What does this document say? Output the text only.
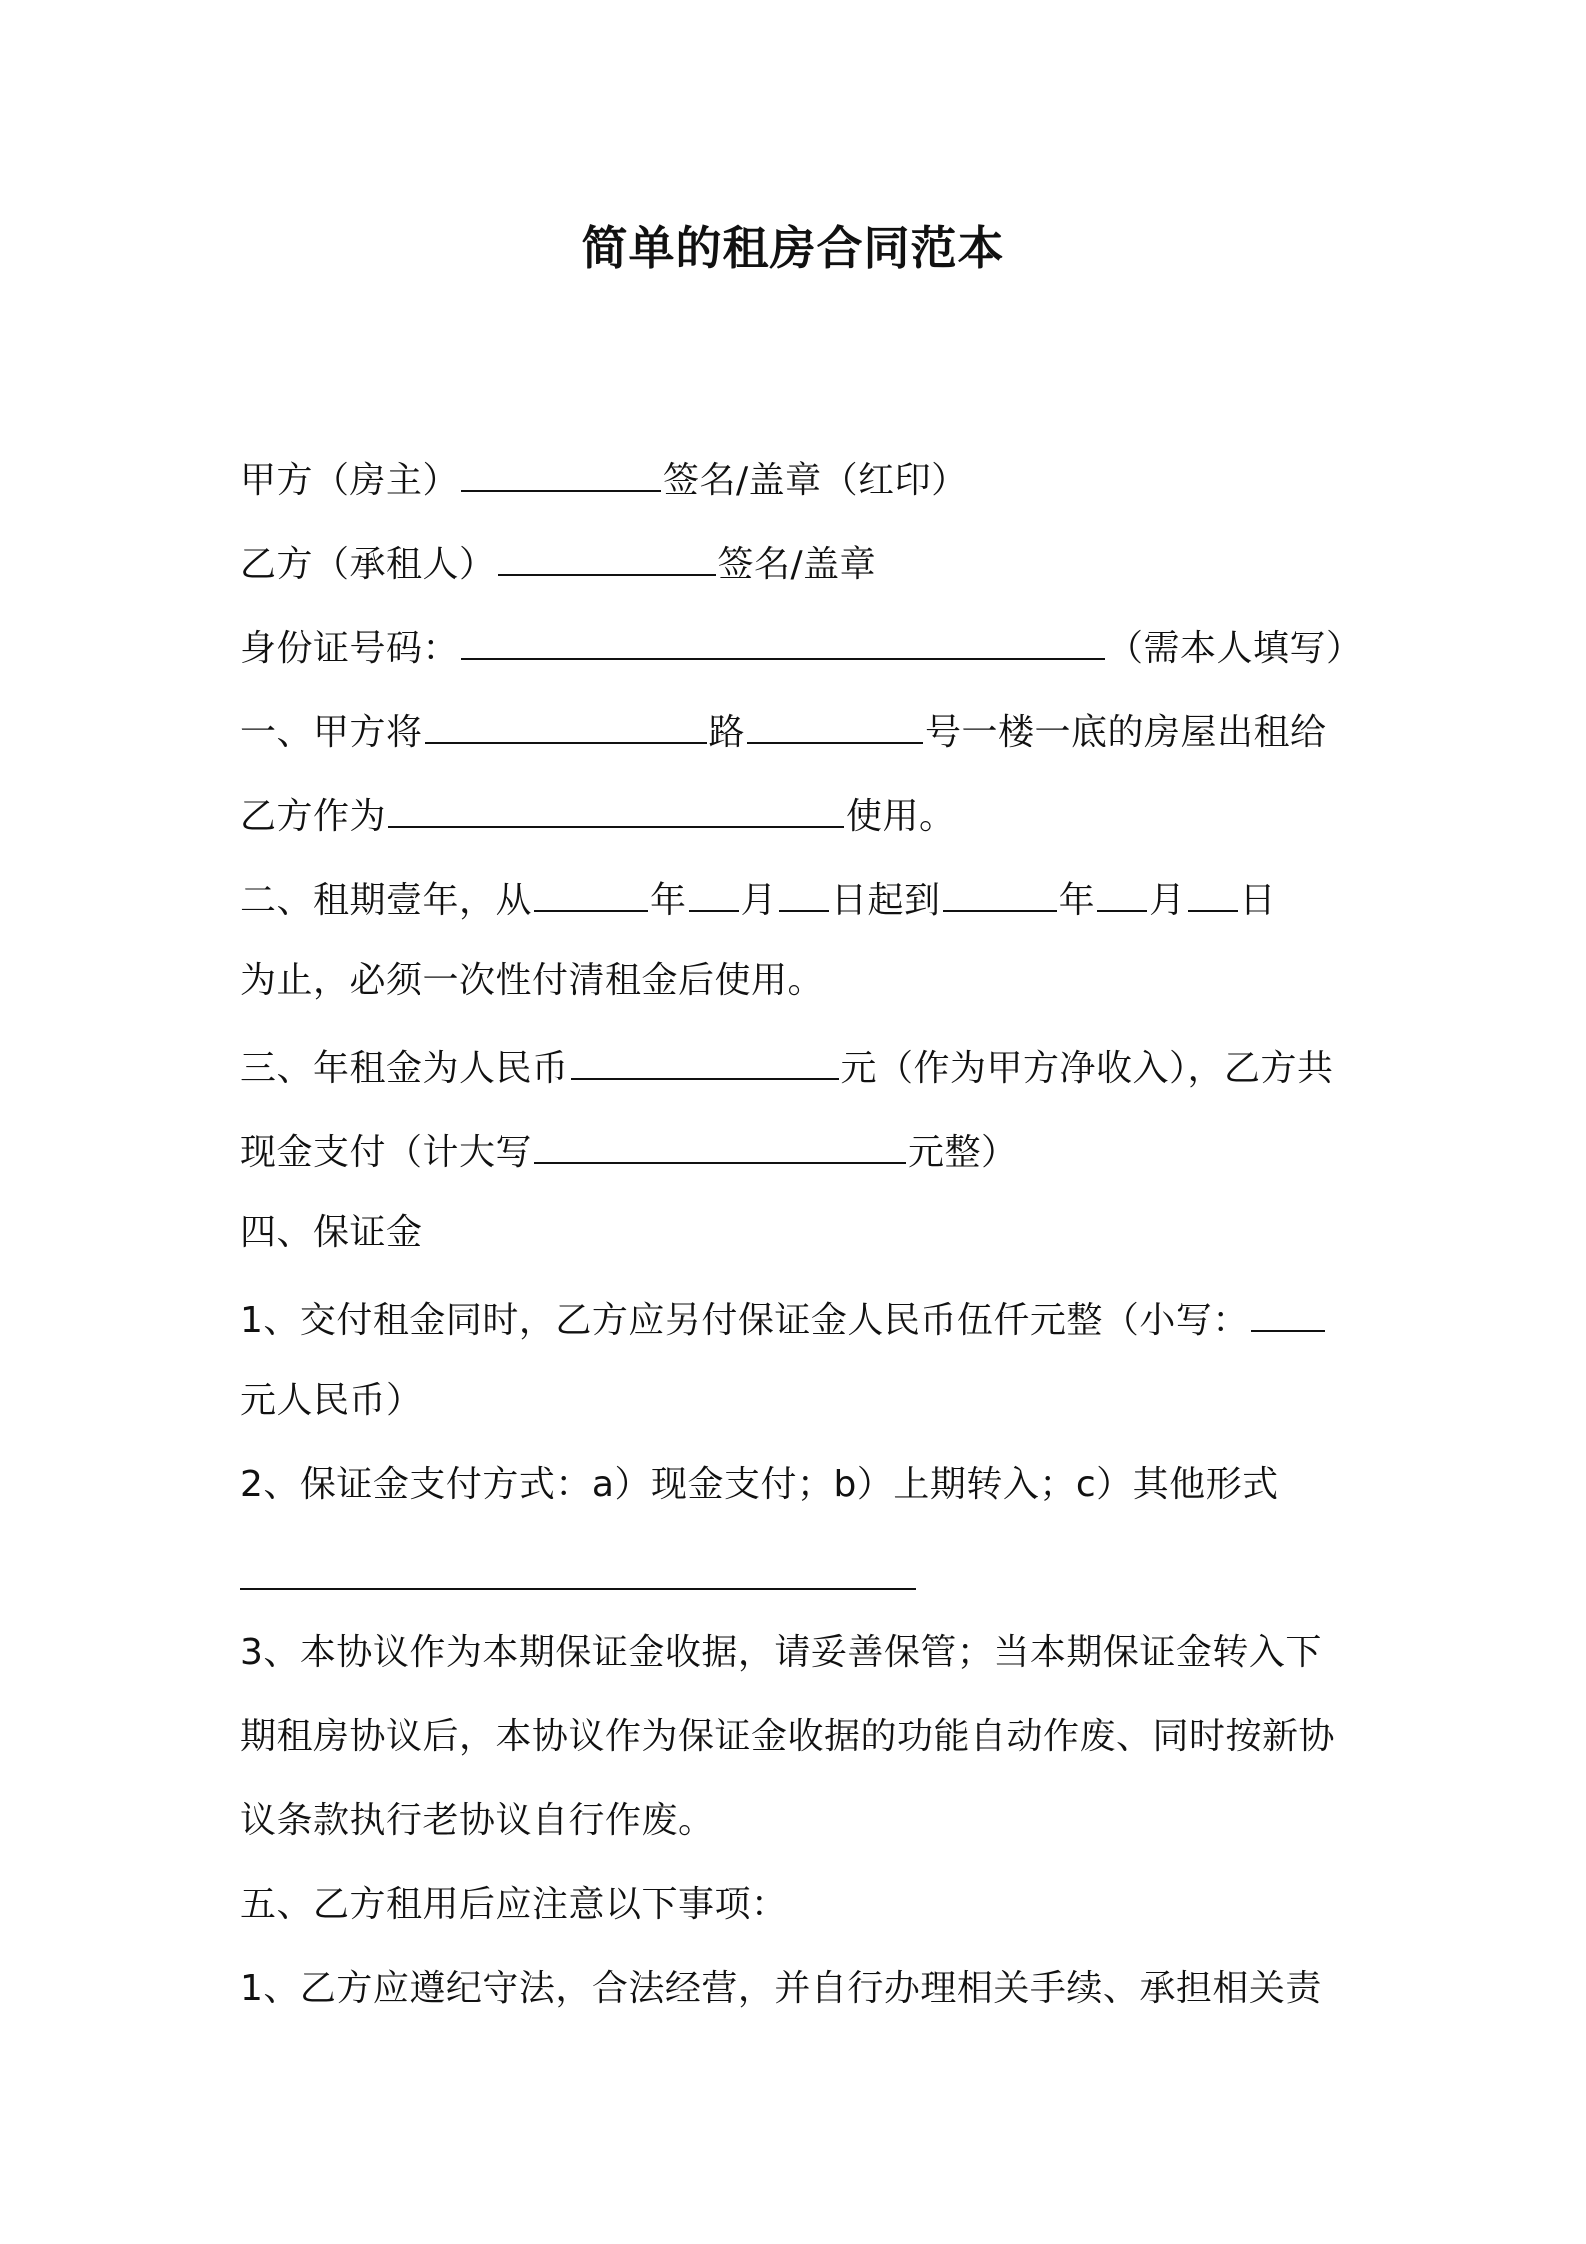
简单的租房合同范本
甲方（房主）	签名/盖章（红印）
乙方（承租人）	签名/盖章
身份证号码：	（需本人填写）
一、甲方将	路	号一楼一底的房屋出租给
乙方作为	使用。
二、租期壹年，从	年 月 日起到	年 月 日
为止，必须一次性付清租金后使用。
三、年租金为人民币	元（作为甲方净收入），乙方共
现金支付（计大写	元整）
四、保证金
1、交付租金同时，乙方应另付保证金人民币伍仟元整（小写：
元人民币）
2、保证金支付方式：a）现金支付；b）上期转入；c）其他形式
3、本协议作为本期保证金收据，请妥善保管；当本期保证金转入下
期租房协议后，本协议作为保证金收据的功能自动作废、同时按新协
议条款执行老协议自行作废。
五、乙方租用后应注意以下事项：
1、乙方应遵纪守法，合法经营，并自行办理相关手续、承担相关责
